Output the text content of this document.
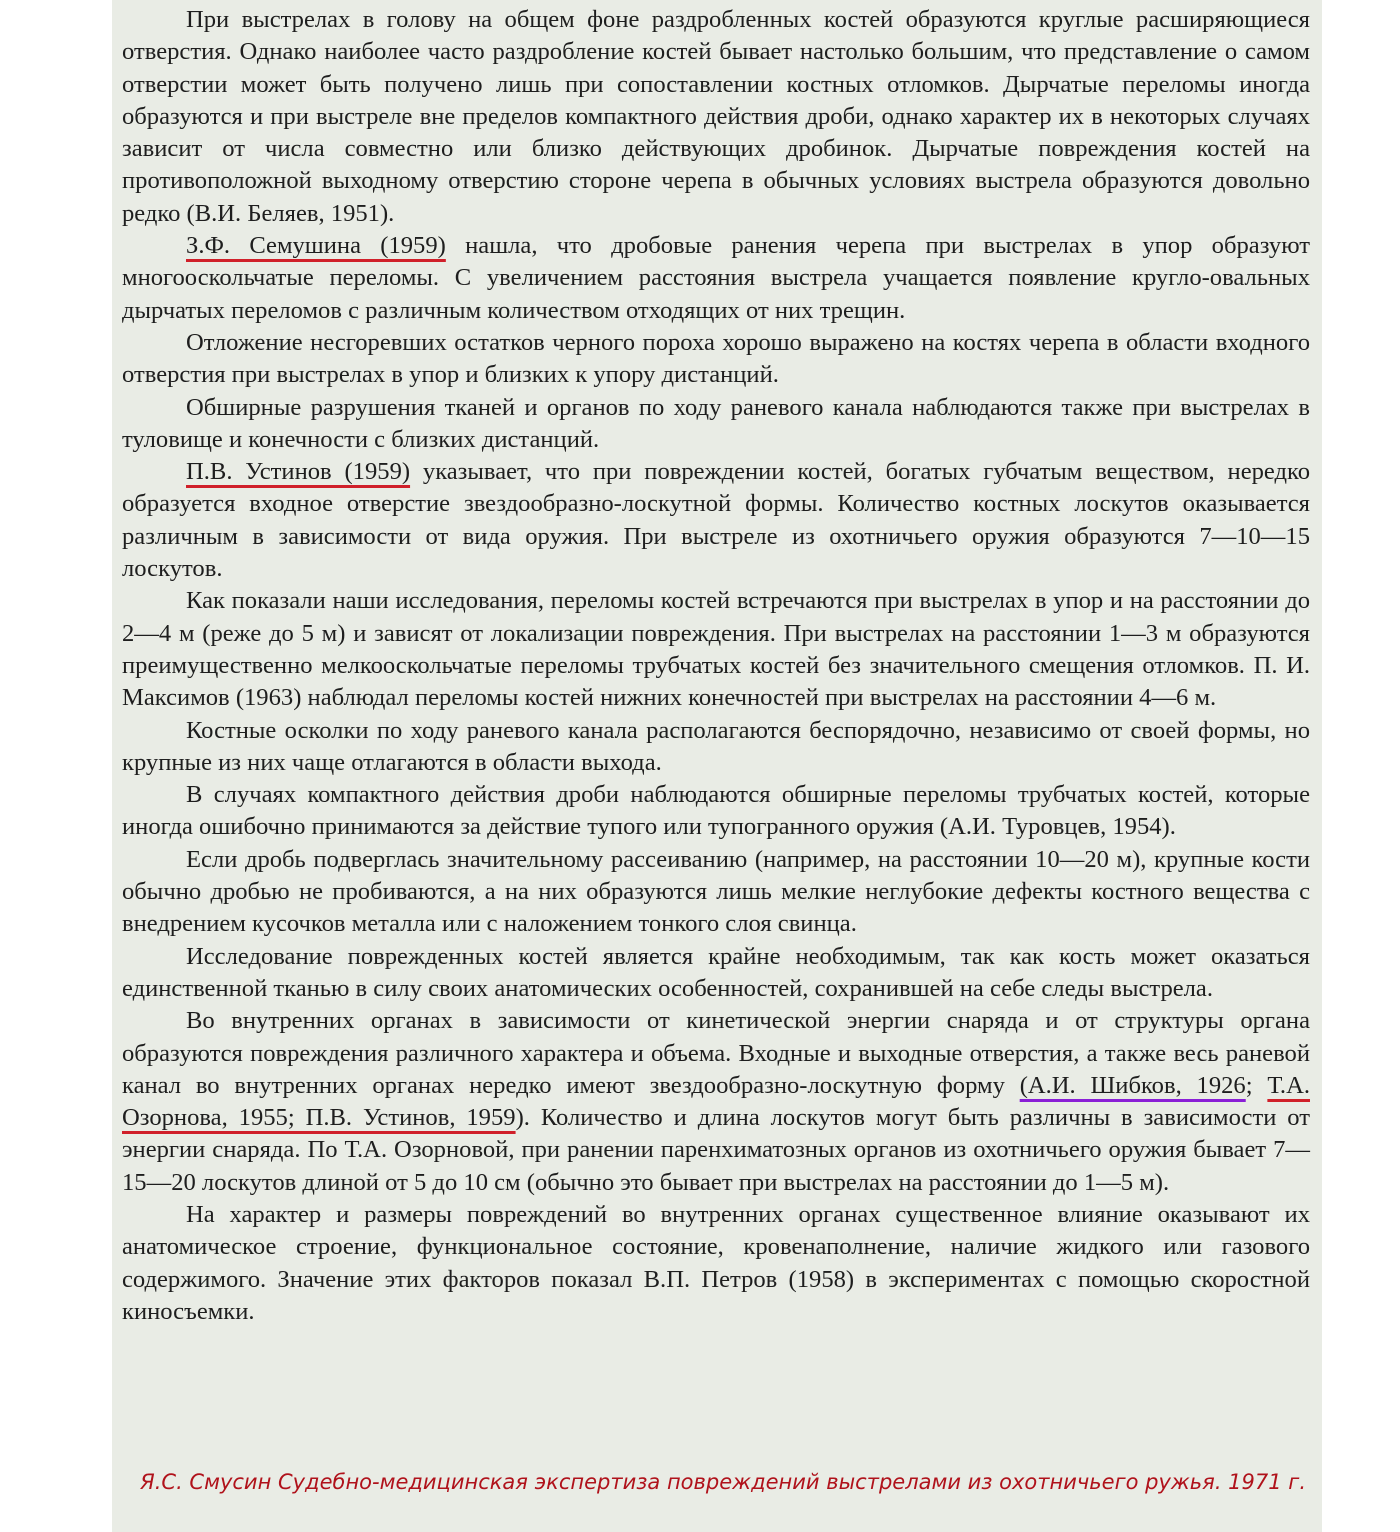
При выстрелах в голову на общем фоне раздробленных костей образуются круглые расширяющиеся отверстия. Однако наиболее часто раздробление костей бывает настолько большим, что представление о самом отверстии может быть получено лишь при сопоставлении костных отломков. Дырчатые переломы иногда образуются и при выстреле вне пределов компактного действия дроби, однако характер их в некоторых случаях зависит от числа совместно или близко действующих дробинок. Дырчатые повреждения костей на противоположной выходному отверстию стороне черепа в обычных условиях выстрела образуются довольно редко (В.И. Беляев, 1951).

З.Ф. Семушина (1959) нашла, что дробовые ранения черепа при выстрелах в упор образуют многооскольчатые переломы. С увеличением расстояния выстрела учащается появление кругло-овальных дырчатых переломов с различным количеством отходящих от них трещин.

Отложение несгоревших остатков черного пороха хорошо выражено на костях черепа в области входного отверстия при выстрелах в упор и близких к упору дистанций.

Обширные разрушения тканей и органов по ходу раневого канала наблюдаются также при выстрелах в туловище и конечности с близких дистанций.

П.В. Устинов (1959) указывает, что при повреждении костей, богатых губчатым веществом, нередко образуется входное отверстие звездообразно-лоскутной формы. Количество костных лоскутов оказывается различным в зависимости от вида оружия. При выстреле из охотничьего оружия образуются 7—10—15 лоскутов.

Как показали наши исследования, переломы костей встречаются при выстрелах в упор и на расстоянии до 2—4 м (реже до 5 м) и зависят от локализации повреждения. При выстрелах на расстоянии 1—3 м образуются преимущественно мелкооскольчатые переломы трубчатых костей без значительного смещения отломков. П. И. Максимов (1963) наблюдал переломы костей нижних конечностей при выстрелах на расстоянии 4—6 м.

Костные осколки по ходу раневого канала располагаются беспорядочно, независимо от своей формы, но крупные из них чаще отлагаются в области выхода.

В случаях компактного действия дроби наблюдаются обширные переломы трубчатых костей, которые иногда ошибочно принимаются за действие тупого или тупогранного оружия (А.И. Туровцев, 1954).

Если дробь подверглась значительному рассеиванию (например, на расстоянии 10—20 м), крупные кости обычно дробью не пробиваются, а на них образуются лишь мелкие неглубокие дефекты костного вещества с внедрением кусочков металла или с наложением тонкого слоя свинца.

Исследование поврежденных костей является крайне необходимым, так как кость может оказаться единственной тканью в силу своих анатомических особенностей, сохранившей на себе следы выстрела.

Во внутренних органах в зависимости от кинетической энергии снаряда и от структуры органа образуются повреждения различного характера и объема. Входные и выходные отверстия, а также весь раневой канал во внутренних органах нередко имеют звездообразно-лоскутную форму (А.И. Шибков, 1926; Т.А. Озорнова, 1955; П.В. Устинов, 1959). Количество и длина лоскутов могут быть различны в зависимости от энергии снаряда. По Т.А. Озорновой, при ранении паренхиматозных органов из охотничьего оружия бывает 7—15—20 лоскутов длиной от 5 до 10 см (обычно это бывает при выстрелах на расстоянии до 1—5 м).

На характер и размеры повреждений во внутренних органах существенное влияние оказывают их анатомическое строение, функциональное состояние, кровенаполнение, наличие жидкого или газового содержимого. Значение этих факторов показал В.П. Петров (1958) в экспериментах с помощью скоростной киносъемки.

Я.С. Смусин Судебно-медицинская экспертиза повреждений выстрелами из охотничьего ружья. 1971 г.
